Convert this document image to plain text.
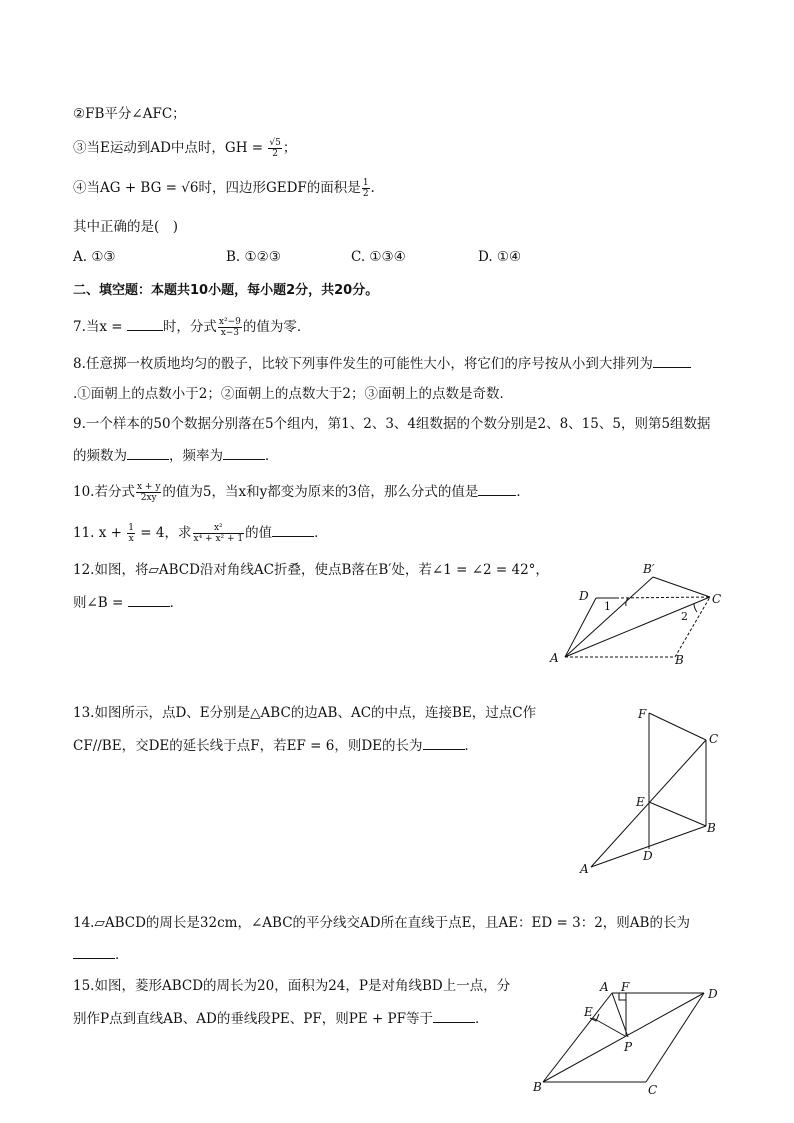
②FB平分∠AFC；
③当E运动到AD中点时，GH = $\frac{√5}{2}$ ；
④当AG + BG = √6时，四边形GEDF的面积是 $\frac{1}{2}$ .
其中正确的是(　)
A. ①③	B. ①②③	C. ①③④	D. ①④
二、填空题：本题共10小题，每小题2分，共20分。
7.当x =	时，分式 $\frac{\text{x²−9}}{x-3}$ 的值为零．
8.任意掷一枚质地均匀的骰子，比较下列事件发生的可能性大小，将它们的序号按从小到大排列为
.①面朝上的点数小于2；②面朝上的点数大于2；③面朝上的点数是奇数．
9.一个样本的50个数据分别落在5个组内，第1、2、3、4组数据的个数分别是2、8、15、5，则第5组数据
的频数为	，频率为	．
10.若分式 $\frac{x + y}{2xy}$ 的值为5，当x和y都变为原来的3倍，那么分式的值是	．
11. $x + \frac{1}{x} = 4$，求 $\frac{\text{x²}}{\text{x⁴ + x² + 1}}$ 的值	．
12.如图，将▱ABCD沿对角线AC折叠，使点B落在B′处，若∠1 = ∠2 = 42°，
则∠B =	．	D
B′
C
A	B
1
2
13.如图所示，点D、E分别是△ABC的边AB、AC的中点，连接BE，过点C作
CF//BE，交DE的延长线于点F，若EF = 6，则DE的长为	．
F
C
E
B
D
A
14.▱ABCD的周长是32cm，∠ABC的平分线交AD所在直线于点E，且AE：ED = 3：2，则AB的长为
．
15.如图，菱形ABCD的周长为20，面积为24，P是对角线BD上一点，分
别作P点到直线AB、AD的垂线段PE、PF，则PE + PF等于	．
A F	D
E
P
B	C
